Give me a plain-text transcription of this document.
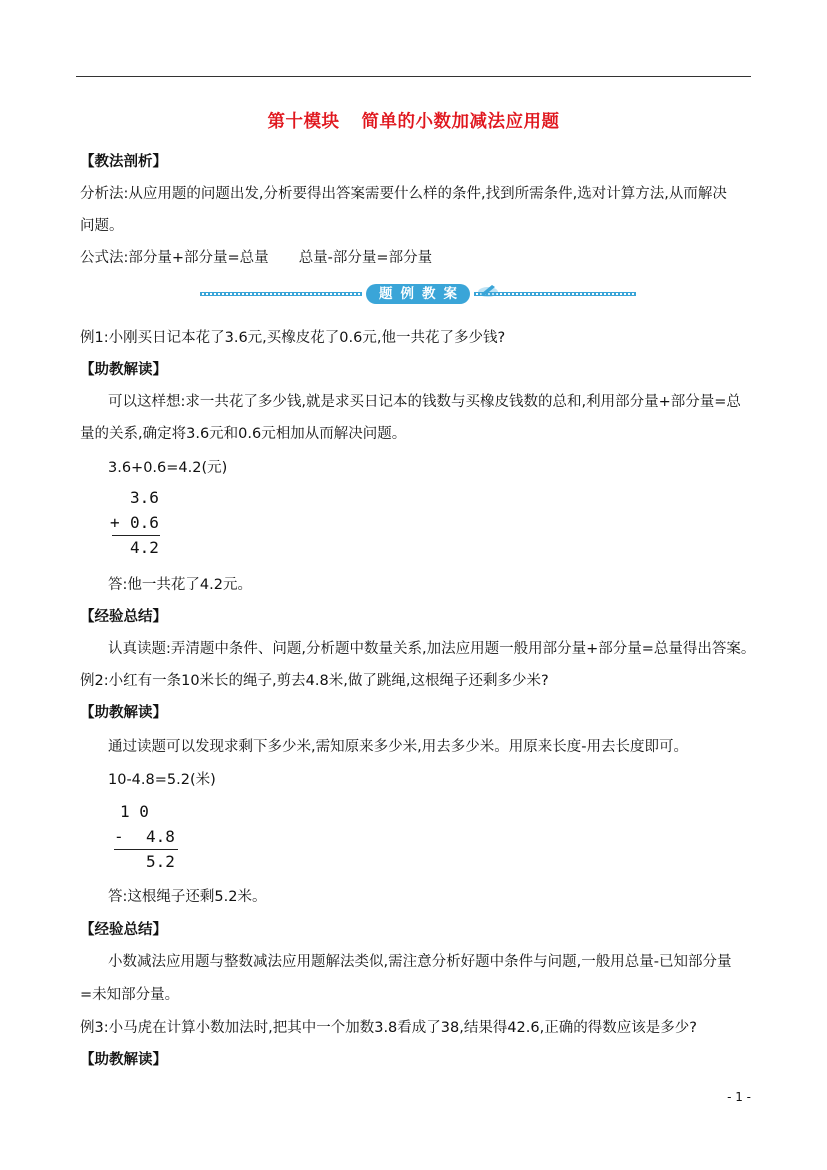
第十模块 简单的小数加减法应用题
【教法剖析】
分析法:从应用题的问题出发,分析要得出答案需要什么样的条件,找到所需条件,选对计算方法,从而解决
问题。
公式法:部分量+部分量=总量 总量-部分量=部分量
题例教案
例1:小刚买日记本花了3.6元,买橡皮花了0.6元,他一共花了多少钱?
【助教解读】
可以这样想:求一共花了多少钱,就是求买日记本的钱数与买橡皮钱数的总和,利用部分量+部分量=总
量的关系,确定将3.6元和0.6元相加从而解决问题。
3.6+0.6=4.2(元)
3.6
+ 0.6
4.2
答:他一共花了4.2元。
【经验总结】
认真读题:弄清题中条件、问题,分析题中数量关系,加法应用题一般用部分量+部分量=总量得出答案。
例2:小红有一条10米长的绳子,剪去4.8米,做了跳绳,这根绳子还剩多少米?
【助教解读】
通过读题可以发现求剩下多少米,需知原来多少米,用去多少米。用原来长度-用去长度即可。
10-4.8=5.2(米)
1 0
- 4.8
5.2
答:这根绳子还剩5.2米。
【经验总结】
小数减法应用题与整数减法应用题解法类似,需注意分析好题中条件与问题,一般用总量-已知部分量
=未知部分量。
例3:小马虎在计算小数加法时,把其中一个加数3.8看成了38,结果得42.6,正确的得数应该是多少?
【助教解读】
- 1 -
